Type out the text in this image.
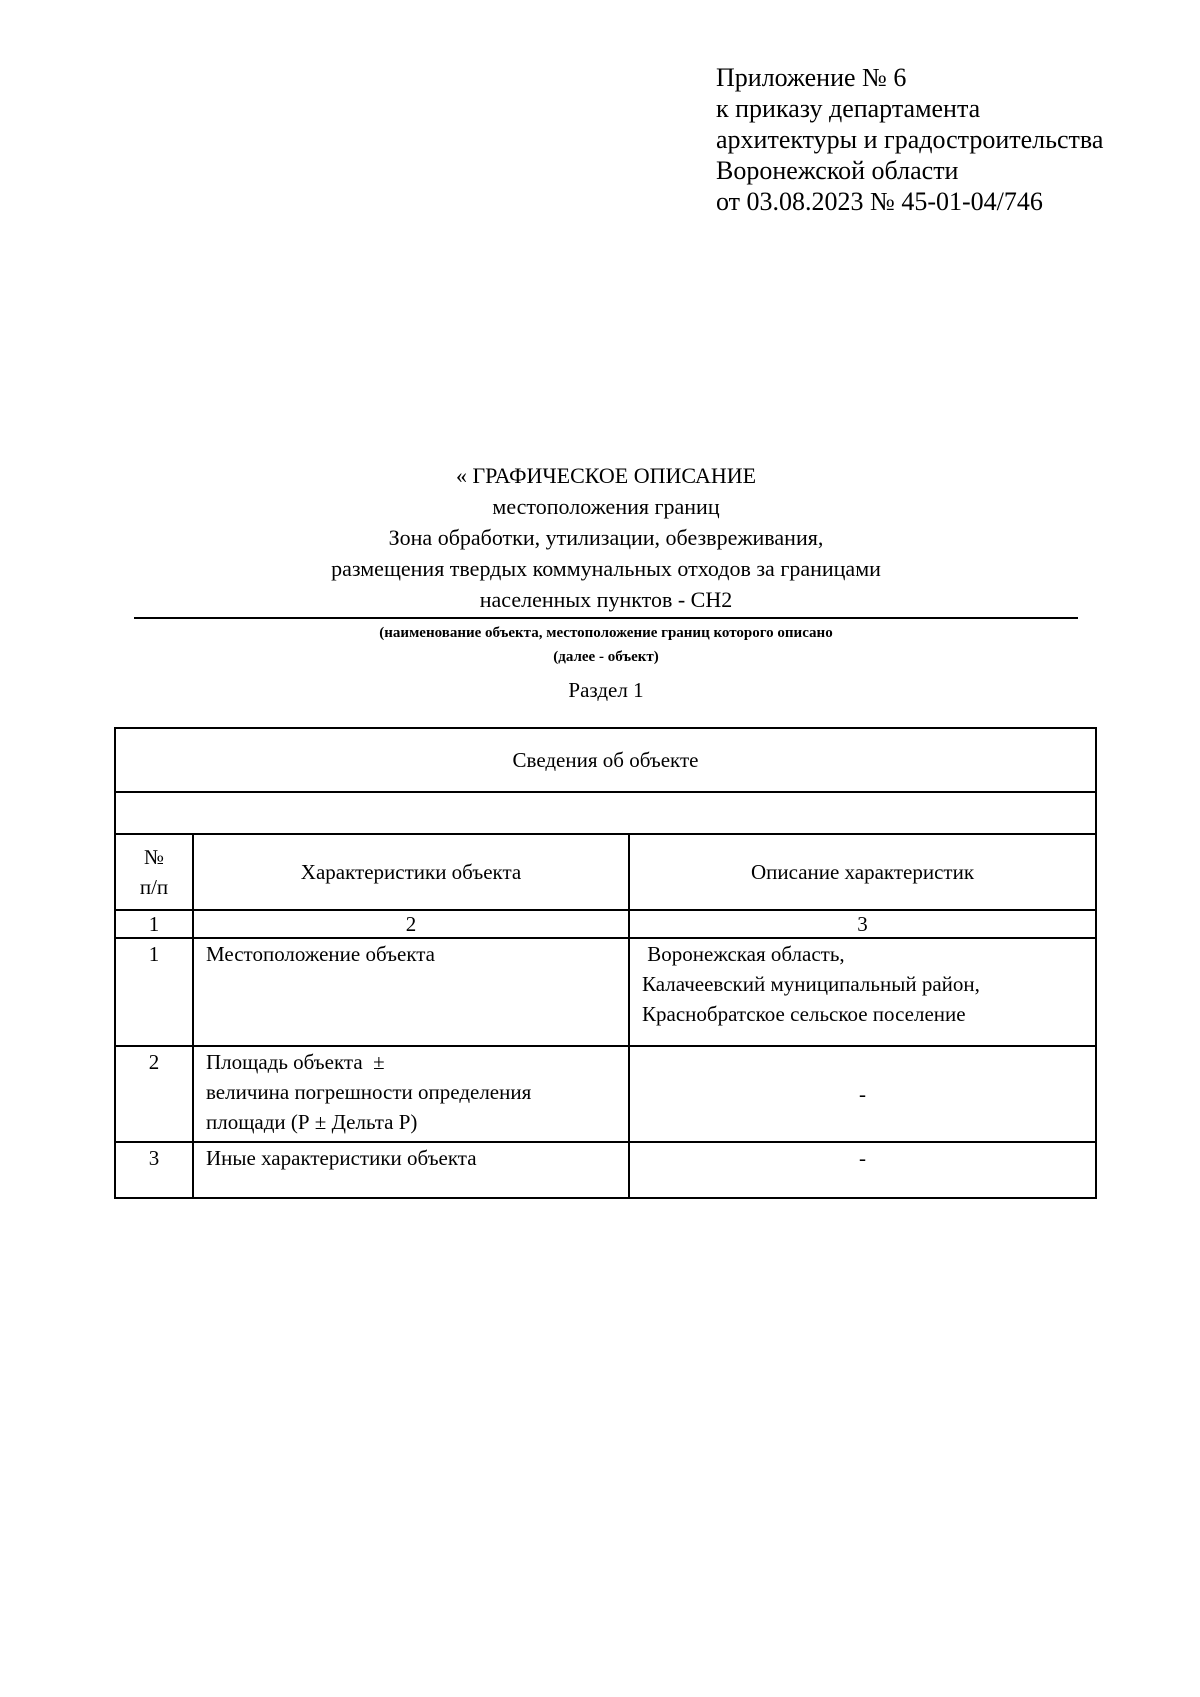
Приложение № 6
к приказу департамента
архитектуры и градостроительства
Воронежской области
от 03.08.2023 № 45-01-04/746
« ГРАФИЧЕСКОЕ ОПИСАНИЕ
местоположения границ
Зона обработки, утилизации, обезвреживания,
размещения твердых коммунальных отходов за границами
населенных пунктов - СН2
(наименование объекта, местоположение границ которого описано
(далее - объект)
Раздел 1
Сведения об объекте		

№
п/п	Характеристики объекта	Описание характеристик
1	2	3
1	Местоположение объекта	Воронежская область,
Калачеевский муниципальный район,
Краснобратское сельское поселение

2	Площадь объекта  ±
величина погрешности определения
площади (Р ± Дельта Р)	-
3	Иные характеристики объекта	-
